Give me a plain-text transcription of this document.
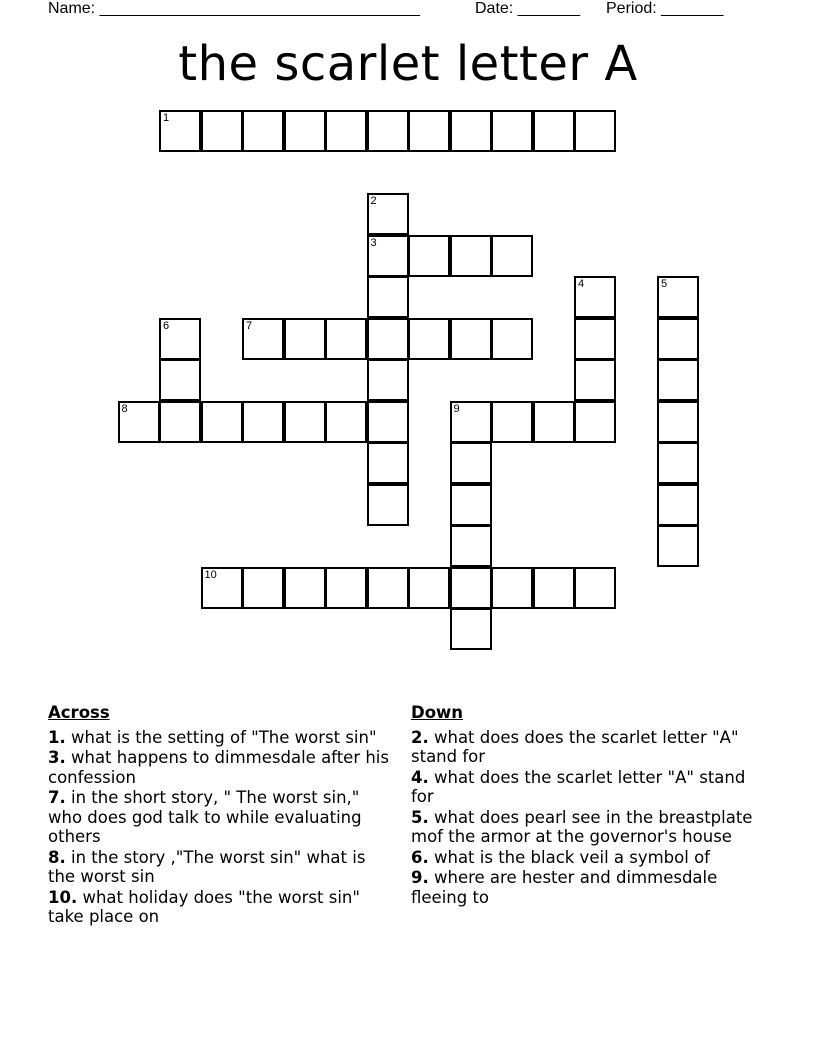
Name: ____________________________________	Date: _______ Period: _______
the scarlet letter A
1
2
3
4	5
6	7
8	9
10
Across
1. what is the setting of "The worst sin"
3. what happens to dimmesdale after his confession
7. in the short story, " The worst sin," who does god talk to while evaluating others
8. in the story ,"The worst sin" what is the worst sin
10. what holiday does "the worst sin" take place on
Down
2. what does does the scarlet letter "A" stand for
4. what does the scarlet letter "A" stand for
5. what does pearl see in the breastplate mof the armor at the governor's house
6. what is the black veil a symbol of
9. where are hester and dimmesdale fleeing to
